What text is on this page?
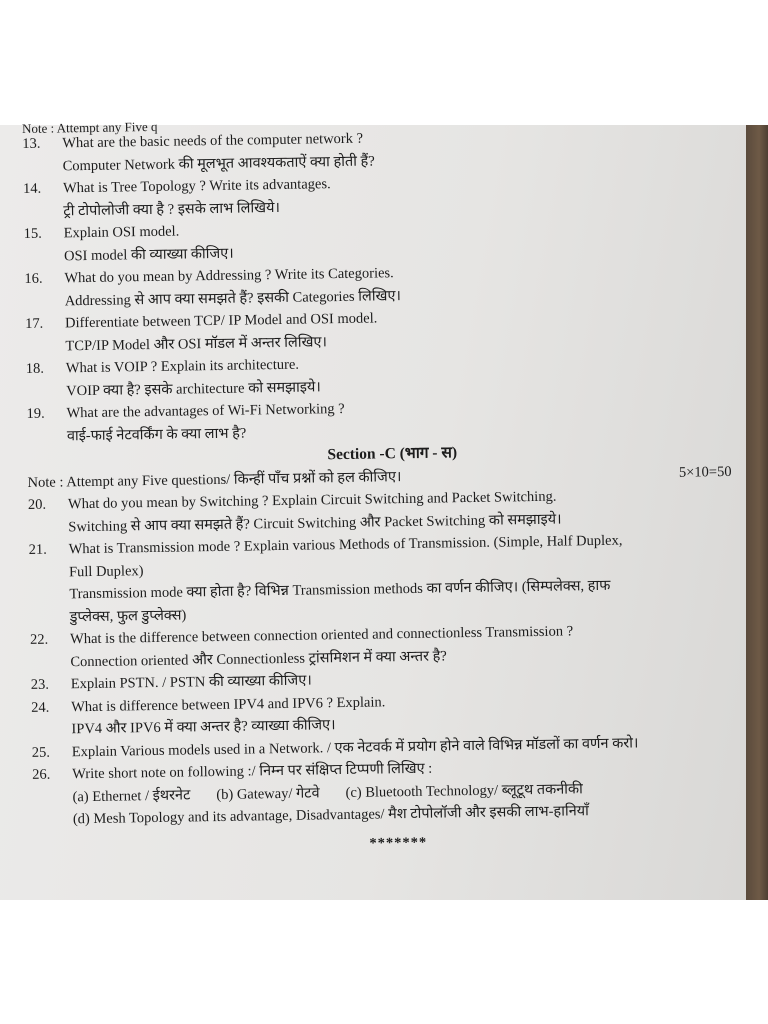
Note : Attempt any Five q
13.	What are the basic needs of the computer network ?
Computer Network की मूलभूत आवश्यकताऐं क्या होती हैं?
14.	What is Tree Topology ? Write its advantages.
ट्री टोपोलोजी क्या है ? इसके लाभ लिखिये।
15.	Explain OSI model.
OSI model की व्याख्या कीजिए।
16.	What do you mean by Addressing ? Write its Categories.
Addressing से आप क्या समझते हैं? इसकी Categories लिखिए।
17.	Differentiate between TCP/ IP Model and OSI model.
TCP/IP Model और OSI मॉडल में अन्तर लिखिए।
18.	What is VOIP ? Explain its architecture.
VOIP क्या है? इसके architecture को समझाइये।
19.	What are the advantages of Wi-Fi Networking ?
वाई-फाई नेटवर्किंग के क्या लाभ है?
Section -C (भाग - स)
Note : Attempt any Five questions/ किन्हीं पाँच प्रश्नों को हल कीजिए।	5×10=50
20.	What do you mean by Switching ? Explain Circuit Switching and Packet Switching.
Switching से आप क्या समझते हैं? Circuit Switching और Packet Switching को समझाइये।
21.	What is Transmission mode ? Explain various Methods of Transmission. (Simple, Half Duplex,
Full Duplex)
Transmission mode क्या होता है? विभिन्न Transmission methods का वर्णन कीजिए। (सिम्पलेक्स, हाफ
डुप्लेक्स, फुल डुप्लेक्स)
22.	What is the difference between connection oriented and connectionless Transmission ?
Connection oriented और Connectionless ट्रांसमिशन में क्या अन्तर है?
23.	Explain PSTN. / PSTN की व्याख्या कीजिए।
24.	What is difference between IPV4 and IPV6 ? Explain.
IPV4 और IPV6 में क्या अन्तर है? व्याख्या कीजिए।
25.	Explain Various models used in a Network. / एक नेटवर्क में प्रयोग होने वाले विभिन्न मॉडलों का वर्णन करो।
26.	Write short note on following :/ निम्न पर संक्षिप्त टिप्पणी लिखिए :
(a) Ethernet / ईथरनेट (b) Gateway/ गेटवे (c) Bluetooth Technology/ ब्लूटूथ तकनीकी
(d) Mesh Topology and its advantage, Disadvantages/ मैश टोपोलॉजी और इसकी लाभ-हानियाँ
*******
